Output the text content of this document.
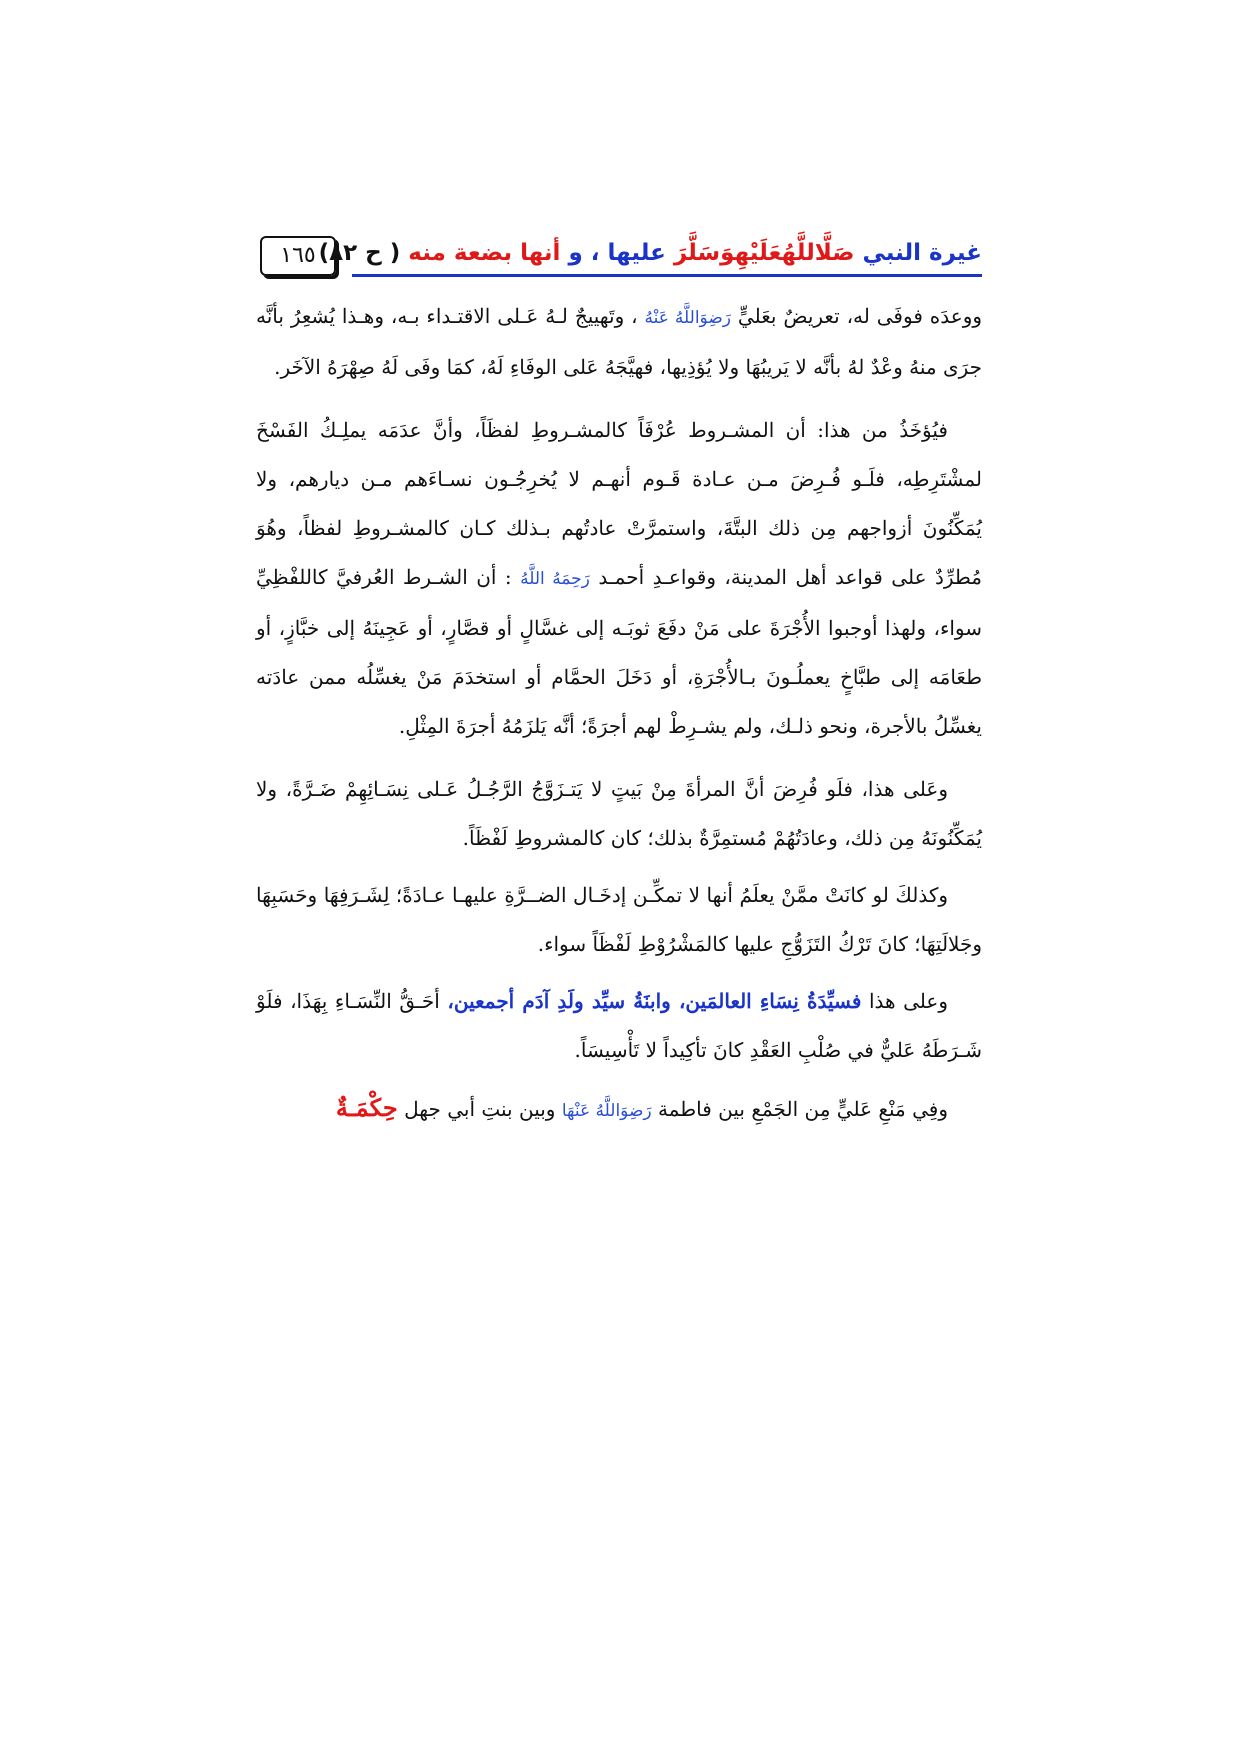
غيرة النبي صَلَّاللَّهُعَلَيْهِوَسَلَّرَ عليها ، و أنها بضعة منه ( ح ٨٢)
١٦٥

ووعدَه فوفَى له، تعريضٌ بعَليٍّ رَضِوَاللَّهُ عَنْهُ ، وتَهييجٌ لـهُ عَـلى الاقتـداء بـه، وهـذا يُشعِرُ بأنَّه جرَى منهُ وعْدٌ لهُ بأنَّه لا يَريبُهَا ولا يُؤذِيها، فهيَّجَهُ عَلى الوفَاءِ لَهُ، كمَا وفَى لَهُ صِهْرَهُ الآخَر.

فيُؤخَذُ من هذا: أن المشـروط عُرْفَاً كالمشـروطِ لفظَاً، وأنَّ عدَمَه يملِـكُ الفَسْخَ لمشْتَرِطِه، فلَـو فُـرِضَ مـن عـادة قَـوم أنهـم لا يُخرِجُـون نسـاءَهم مـن ديارهم، ولا يُمَكِّنُونَ أزواجهم مِن ذلك البتَّةَ، واستمرَّتْ عادتُهم بـذلك كـان كالمشـروطِ لفظاً، وهُوَ مُطرِّدٌ على قواعد أهل المدينة، وقواعـدِ أحمـد رَحِمَهُ اللَّهُ : أن الشـرط العُرفيَّ كاللفْظِيِّ سواء، ولهذا أوجبوا الأُجْرَةَ على مَنْ دفَعَ ثوبَـه إلى غسَّالٍ أو قصَّارٍ، أو عَجِينَهُ إلى خبَّازٍ، أو طعَامَه إلى طبَّاخٍ يعملُـونَ بـالأُجْرَةِ، أو دَخَلَ الحمَّام أو استخدَمَ مَنْ يغسِّلُه ممن عادَته يغسِّلُ بالأجرة، ونحو ذلـك، ولم يشـرِطْ لهم أجرَةً؛ أنَّه يَلزَمُهُ أجرَةَ المِثْلِ.

وعَلى هذا، فلَو فُرِضَ أنَّ المرأةَ مِنْ بَيتٍ لا يَتـزَوَّجُ الرَّجُـلُ عَـلى نِسَـائِهِمْ ضَـرَّةً، ولا يُمَكِّنُونَهُ مِن ذلك، وعادَتُهُمْ مُستمِرَّةٌ بذلك؛ كان كالمشروطِ لَفْظَاً.

وكذلكَ لو كانَتْ ممَّنْ يعلَمُ أنها لا تمكِّـن إدخَـال الضــرَّةِ عليهـا عـادَةً؛ لِشَـرَفِهَا وحَسَبِهَا وجَلالَتِهَا؛ كانَ تَرْكُ التَزَوُّجِ عليها كالمَشْرُوْطِ لَفْظَاً سواء.

وعلى هذا فسيِّدَةُ نِسَاءِ العالمَين، وابنَةُ سيِّد ولَدِ آدَم أجمعين، أحَـقُّ النِّسَـاءِ بِهَذَا، فلَوْ شَـرَطَهُ عَليٌّ في صُلْبِ العَقْدِ كانَ تأكِيداً لا تَأْسِيسَاً.

وفِي مَنْعِ عَليٍّ مِن الجَمْعِ بين فاطمة رَضِوَاللَّهُ عَنْهَا وبين بنتِ أبي جهل حِكْمَـةٌ
